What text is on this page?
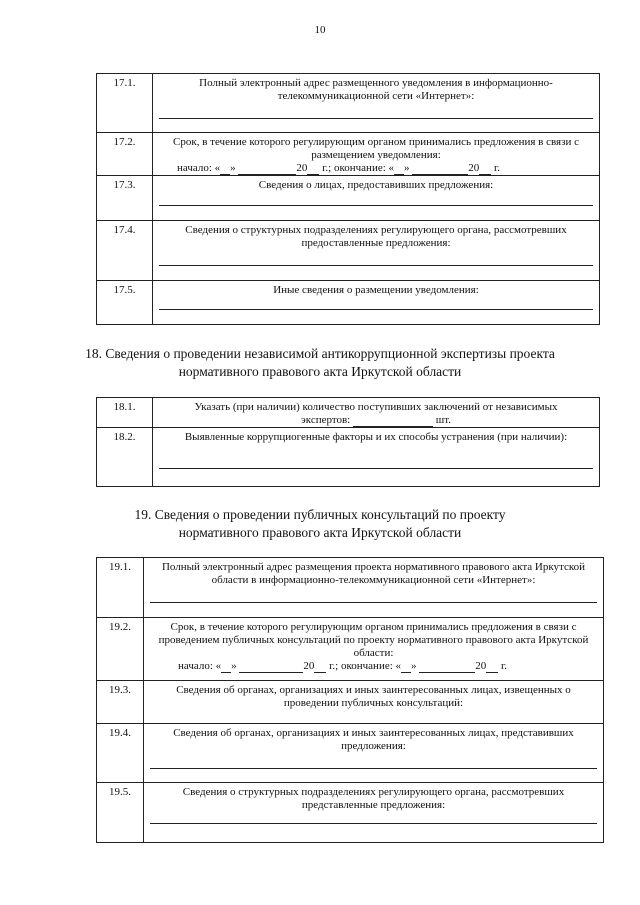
10
17.1.	Полный электронный адрес размещенного уведомления в информационно-телекоммуникационной сети «Интернет»:

17.2.	Срок, в течение которого регулирующим органом принимались предложения в связи с размещением уведомления:
начало: « » 20 г.; окончание: « » 20 г.

17.3.	Сведения о лицах, предоставивших предложения:

17.4.	Сведения о структурных подразделениях регулирующего органа, рассмотревших предоставленные предложения:

17.5.	Иные сведения о размещении уведомления:
18. Сведения о проведении независимой антикоррупционной экспертизы проекта нормативного правового акта Иркутской области
18.1.	Указать (при наличии) количество поступивших заключений от независимых
экспертов: шт.
18.2.	Выявленные коррупциогенные факторы и их способы устранения (при наличии):
19. Сведения о проведении публичных консультаций по проекту нормативного правового акта Иркутской области
19.1.	Полный электронный адрес размещения проекта нормативного правового акта Иркутской области в информационно-телекоммуникационной сети «Интернет»:

19.2.	Срок, в течение которого регулирующим органом принимались предложения в связи с проведением публичных консультаций по проекту нормативного правового акта Иркутской области:
начало: « » 20 г.; окончание: « » 20 г.

19.3.	Сведения об органах, организациях и иных заинтересованных лицах, извещенных о проведении публичных консультаций:
19.4.	Сведения об органах, организациях и иных заинтересованных лицах, представивших предложения:

19.5.	Сведения о структурных подразделениях регулирующего органа, рассмотревших представленные предложения:
